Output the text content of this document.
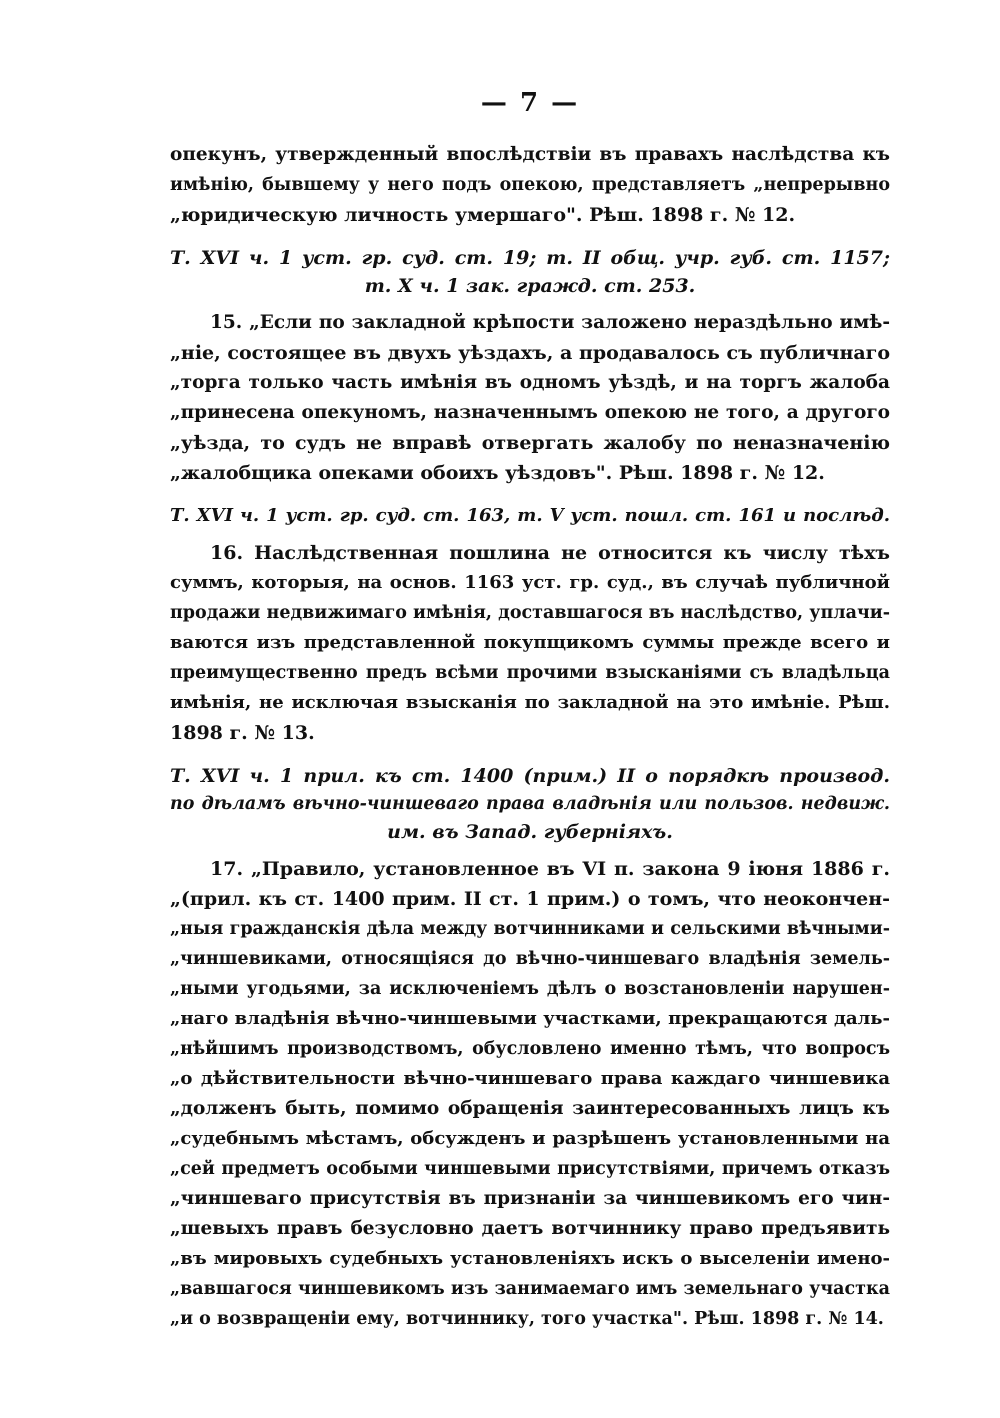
— 7 —
опекунъ, утвержденный впослѣдствіи въ правахъ наслѣдства къ
имѣнію, бывшему у него подъ опекою, представляетъ „непрерывно
„юридическую личность умершаго". Рѣш. 1898 г. № 12.
Т. XVI ч. 1 уст. гр. суд. ст. 19; т. II общ. учр. губ. ст. 1157;
т. X ч. 1 зак. гражд. ст. 253.
15. „Если по закладной крѣпости заложено нераздѣльно имѣ-
„ніе, состоящее въ двухъ уѣздахъ, а продавалось съ публичнаго
„торга только часть имѣнія въ одномъ уѣздѣ, и на торгъ жалоба
„принесена опекуномъ, назначеннымъ опекою не того, а другого
„уѣзда, то судъ не вправѣ отвергать жалобу по неназначенію
„жалобщика опеками обоихъ уѣздовъ". Рѣш. 1898 г. № 12.
Т. XVI ч. 1 уст. гр. суд. ст. 163, т. V уст. пошл. ст. 161 и послѣд.
16. Наслѣдственная пошлина не относится къ числу тѣхъ
суммъ, которыя, на основ. 1163 уст. гр. суд., въ случаѣ публичной
продажи недвижимаго имѣнія, доставшагося въ наслѣдство, уплачи-
ваются изъ представленной покупщикомъ суммы прежде всего и
преимущественно предъ всѣми прочими взысканіями съ владѣльца
имѣнія, не исключая взысканія по закладной на это имѣніе. Рѣш.
1898 г. № 13.
Т. XVI ч. 1 прил. къ ст. 1400 (прим.) II о порядкѣ производ.
по дѣламъ вѣчно-чиншеваго права владѣнія или пользов. недвиж.
им. въ Запад. губерніяхъ.
17. „Правило, установленное въ VI п. закона 9 іюня 1886 г.
„(прил. къ ст. 1400 прим. II ст. 1 прим.) о томъ, что неокончен-
„ныя гражданскія дѣла между вотчинниками и сельскими вѣчными-
„чиншевиками, относящіяся до вѣчно-чиншеваго владѣнія земель-
„ными угодьями, за исключеніемъ дѣлъ о возстановленіи нарушен-
„наго владѣнія вѣчно-чиншевыми участками, прекращаются даль-
„нѣйшимъ производствомъ, обусловлено именно тѣмъ, что вопросъ
„о дѣйствительности вѣчно-чиншеваго права каждаго чиншевика
„долженъ быть, помимо обращенія заинтересованныхъ лицъ къ
„судебнымъ мѣстамъ, обсужденъ и разрѣшенъ установленными на
„сей предметъ особыми чиншевыми присутствіями, причемъ отказъ
„чиншеваго присутствія въ признаніи за чиншевикомъ его чин-
„шевыхъ правъ безусловно даетъ вотчиннику право предъявить
„въ мировыхъ судебныхъ установленіяхъ искъ о выселеніи имено-
„вавшагося чиншевикомъ изъ занимаемаго имъ земельнаго участка
„и о возвращеніи ему, вотчиннику, того участка". Рѣш. 1898 г. № 14.
